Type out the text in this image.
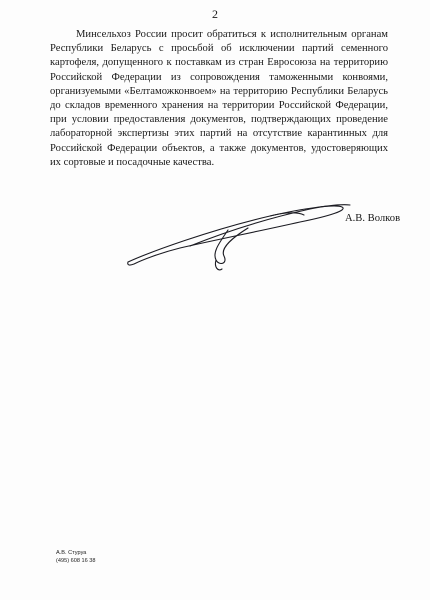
2

Минсельхоз России просит обратиться к исполнительным органам Республики Беларусь с просьбой об исключении партий семенного картофеля, допущенного к поставкам из стран Евросоюза на территорию Российской Федерации из сопровождения таможенными конвоями, организуемыми «Белтаможконвоем» на территорию Республики Беларусь до складов временного хранения на территории Российской Федерации, при условии предоставления документов, подтверждающих проведение лабораторной экспертизы этих партий на отсутствие карантинных для Российской Федерации объектов, а также документов, удостоверяющих их сортовые и посадочные качества.

А.В. Волков
А.В. Стуруа
(495) 608 16 38
